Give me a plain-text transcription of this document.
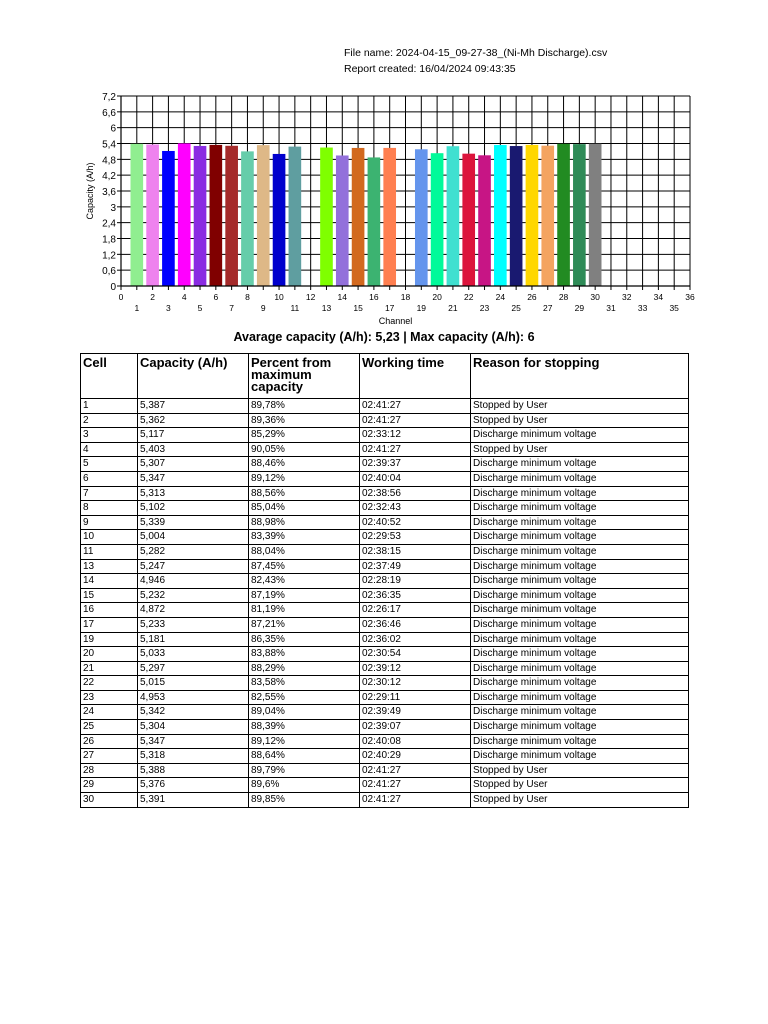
File name: 2024-04-15_09-27-38_(Ni-Mh Discharge).csv
Report created: 16/04/2024 09:43:35
0
0,6
1,2
1,8
2,4
3
3,6
4,2
4,8
5,4
6
6,6
7,2
0
1
2
3
4
5
6
7
8
9
10
11
12
13
14
15
16
17
18
19
20
21
22
23
24
25
26
27
28
29
30
31
32
33
34
35
36
Channel
Capacity (A/h)
Avarage capacity (A/h): 5,23 | Max capacity (A/h): 6
Cell	Capacity (A/h)	Percent from maximum capacity	Working time	Reason for stopping
1	5,387	89,78%	02:41:27	Stopped by User
2	5,362	89,36%	02:41:27	Stopped by User
3	5,117	85,29%	02:33:12	Discharge minimum voltage
4	5,403	90,05%	02:41:27	Stopped by User
5	5,307	88,46%	02:39:37	Discharge minimum voltage
6	5,347	89,12%	02:40:04	Discharge minimum voltage
7	5,313	88,56%	02:38:56	Discharge minimum voltage
8	5,102	85,04%	02:32:43	Discharge minimum voltage
9	5,339	88,98%	02:40:52	Discharge minimum voltage
10	5,004	83,39%	02:29:53	Discharge minimum voltage
11	5,282	88,04%	02:38:15	Discharge minimum voltage
13	5,247	87,45%	02:37:49	Discharge minimum voltage
14	4,946	82,43%	02:28:19	Discharge minimum voltage
15	5,232	87,19%	02:36:35	Discharge minimum voltage
16	4,872	81,19%	02:26:17	Discharge minimum voltage
17	5,233	87,21%	02:36:46	Discharge minimum voltage
19	5,181	86,35%	02:36:02	Discharge minimum voltage
20	5,033	83,88%	02:30:54	Discharge minimum voltage
21	5,297	88,29%	02:39:12	Discharge minimum voltage
22	5,015	83,58%	02:30:12	Discharge minimum voltage
23	4,953	82,55%	02:29:11	Discharge minimum voltage
24	5,342	89,04%	02:39:49	Discharge minimum voltage
25	5,304	88,39%	02:39:07	Discharge minimum voltage
26	5,347	89,12%	02:40:08	Discharge minimum voltage
27	5,318	88,64%	02:40:29	Discharge minimum voltage
28	5,388	89,79%	02:41:27	Stopped by User
29	5,376	89,6%	02:41:27	Stopped by User
30	5,391	89,85%	02:41:27	Stopped by User
